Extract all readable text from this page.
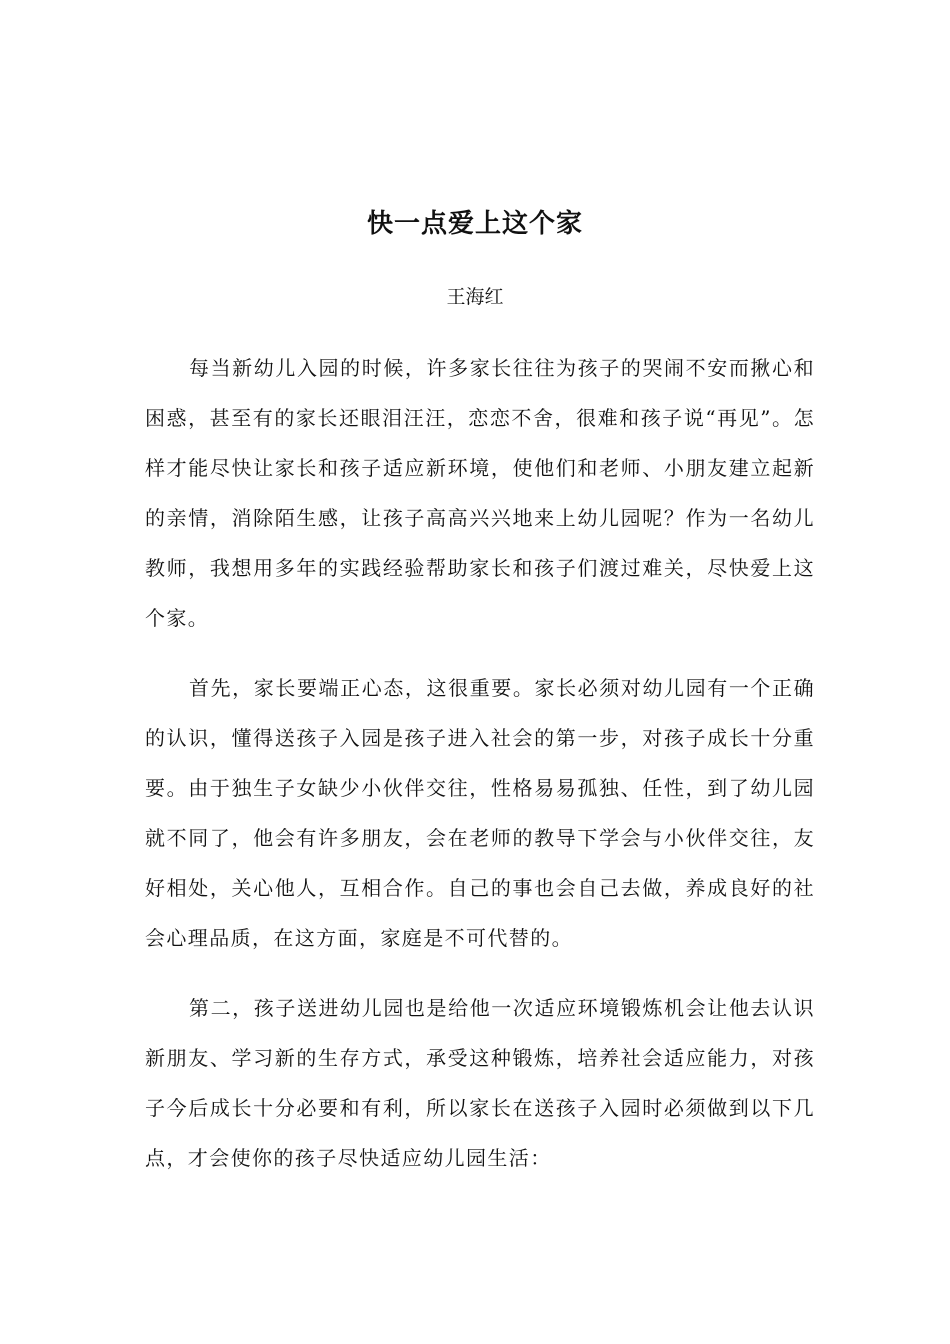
快一点爱上这个家
王海红

每当新幼儿入园的时候，许多家长往往为孩子的哭闹不安而揪心和困惑，甚至有的家长还眼泪汪汪，恋恋不舍，很难和孩子说“再见”。怎样才能尽快让家长和孩子适应新环境，使他们和老师、小朋友建立起新的亲情，消除陌生感，让孩子高高兴兴地来上幼儿园呢？作为一名幼儿教师，我想用多年的实践经验帮助家长和孩子们渡过难关，尽快爱上这个家。

首先，家长要端正心态，这很重要。家长必须对幼儿园有一个正确的认识，懂得送孩子入园是孩子进入社会的第一步，对孩子成长十分重要。由于独生子女缺少小伙伴交往，性格易易孤独、任性，到了幼儿园就不同了，他会有许多朋友，会在老师的教导下学会与小伙伴交往，友好相处，关心他人，互相合作。自己的事也会自己去做，养成良好的社会心理品质，在这方面，家庭是不可代替的。

第二，孩子送进幼儿园也是给他一次适应环境锻炼机会让他去认识新朋友、学习新的生存方式，承受这种锻炼，培养社会适应能力，对孩子今后成长十分必要和有利，所以家长在送孩子入园时必须做到以下几点，才会使你的孩子尽快适应幼儿园生活：
